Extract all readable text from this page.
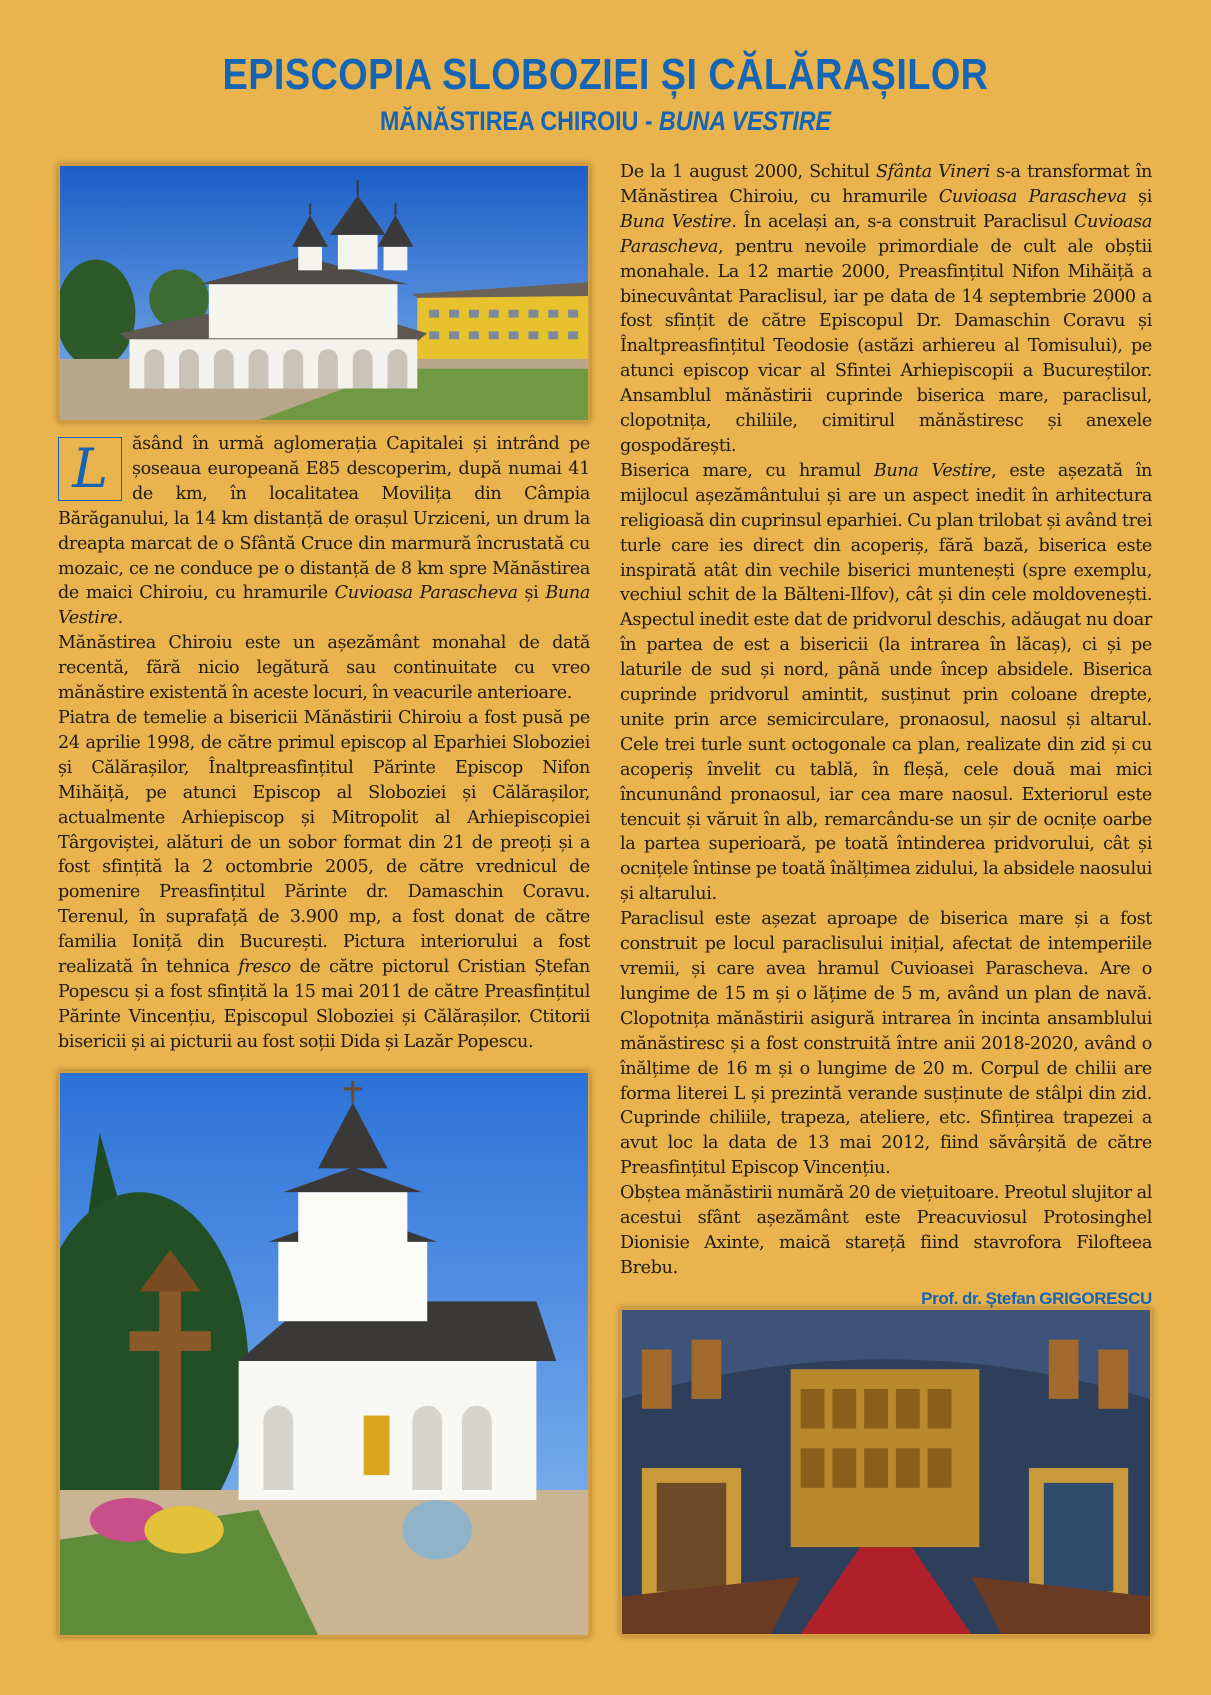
EPISCOPIA SLOBOZIEI ȘI CĂLĂRAȘILOR
MĂNĂSTIREA CHIROIU - BUNA VESTIRE

L	ăsând în urmă aglomerația Capitalei și intrând pe șoseaua europeană E85 descoperim, după numai 41 de km, în localitatea Movilița din Câmpia Bărăganului, la 14 km distanță de orașul Urziceni, un drum la dreapta marcat de o Sfântă Cruce din marmură încrustată cu mozaic, ce ne conduce pe o distanță de 8 km spre Mănăstirea de maici Chiroiu, cu hramurile Cuvioasa Parascheva și Buna Vestire.

Mănăstirea Chiroiu este un așezământ monahal de dată recentă, fără nicio legătură sau continuitate cu vreo mănăstire existentă în aceste locuri, în veacurile anterioare.

Piatra de temelie a bisericii Mănăstirii Chiroiu a fost pusă pe 24 aprilie 1998, de către primul episcop al Eparhiei Sloboziei și Călărașilor, Înaltpreasfințitul Părinte Episcop Nifon Mihăiță, pe atunci Episcop al Sloboziei și Călărașilor, actualmente Arhiepiscop și Mitropolit al Arhiepiscopiei Târgoviștei, alături de un sobor format din 21 de preoți și a fost sfințită la 2 octombrie 2005, de către vrednicul de pomenire Preasfințitul Părinte dr. Damaschin Coravu. Terenul, în suprafață de 3.900 mp, a fost donat de către familia Ioniță din București. Pictura interiorului a fost realizată în tehnica fresco de către pictorul Cristian Ștefan Popescu și a fost sfințită la 15 mai 2011 de către Preasfințitul Părinte Vincențiu, Episcopul Sloboziei și Călărașilor. Ctitorii bisericii și ai picturii au fost soții Dida și Lazăr Popescu.

De la 1 august 2000, Schitul Sfânta Vineri s-a transformat în Mănăstirea Chiroiu, cu hramurile Cuvioasa Parascheva și Buna Vestire. În același an, s-a construit Paraclisul Cuvioasa Parascheva, pentru nevoile primordiale de cult ale obștii monahale. La 12 martie 2000, Preasfințitul Nifon Mihăiță a binecuvântat Paraclisul, iar pe data de 14 septembrie 2000 a fost sfințit de către Episcopul Dr. Damaschin Coravu și Înaltpreasfințitul Teodosie (astăzi arhiereu al Tomisului), pe atunci episcop vicar al Sfintei Arhiepiscopii a Bucureștilor. Ansamblul mănăstirii cuprinde biserica mare, paraclisul, clopotnița, chiliile, cimitirul mănăstiresc și anexele gospodărești.

Biserica mare, cu hramul Buna Vestire, este așezată în mijlocul așezământului și are un aspect inedit în arhitectura religioasă din cuprinsul eparhiei. Cu plan trilobat și având trei turle care ies direct din acoperiș, fără bază, biserica este inspirată atât din vechile biserici muntenești (spre exemplu, vechiul schit de la Bălteni-Ilfov), cât și din cele moldovenești. Aspectul inedit este dat de pridvorul deschis, adăugat nu doar în partea de est a bisericii (la intrarea în lăcaș), ci și pe laturile de sud și nord, până unde încep absidele. Biserica cuprinde pridvorul amintit, susținut prin coloane drepte, unite prin arce semicirculare, pronaosul, naosul și altarul. Cele trei turle sunt octogonale ca plan, realizate din zid și cu acoperiș învelit cu tablă, în fleșă, cele două mai mici încununând pronaosul, iar cea mare naosul. Exteriorul este tencuit și văruit în alb, remarcându-se un șir de ocnițe oarbe la partea superioară, pe toată întinderea pridvorului, cât și ocnițele întinse pe toată înălțimea zidului, la absidele naosului și altarului.

Paraclisul este așezat aproape de biserica mare și a fost construit pe locul paraclisului inițial, afectat de intemperiile vremii, și care avea hramul Cuvioasei Parascheva. Are o lungime de 15 m și o lățime de 5 m, având un plan de navă. Clopotnița mănăstirii asigură intrarea în incinta ansamblului mănăstiresc și a fost construită între anii 2018-2020, având o înălțime de 16 m și o lungime de 20 m. Corpul de chilii are forma literei L și prezintă verande susținute de stâlpi din zid. Cuprinde chiliile, trapeza, ateliere, etc. Sfințirea trapezei a avut loc la data de 13 mai 2012, fiind săvârșită de către Preasfințitul Episcop Vincențiu.

Obștea mănăstirii numără 20 de viețuitoare. Preotul slujitor al acestui sfânt așezământ este Preacuviosul Protosinghel Dionisie Axinte, maică stareță fiind stavrofora Filofteea Brebu.

Prof. dr. Ștefan GRIGORESCU
